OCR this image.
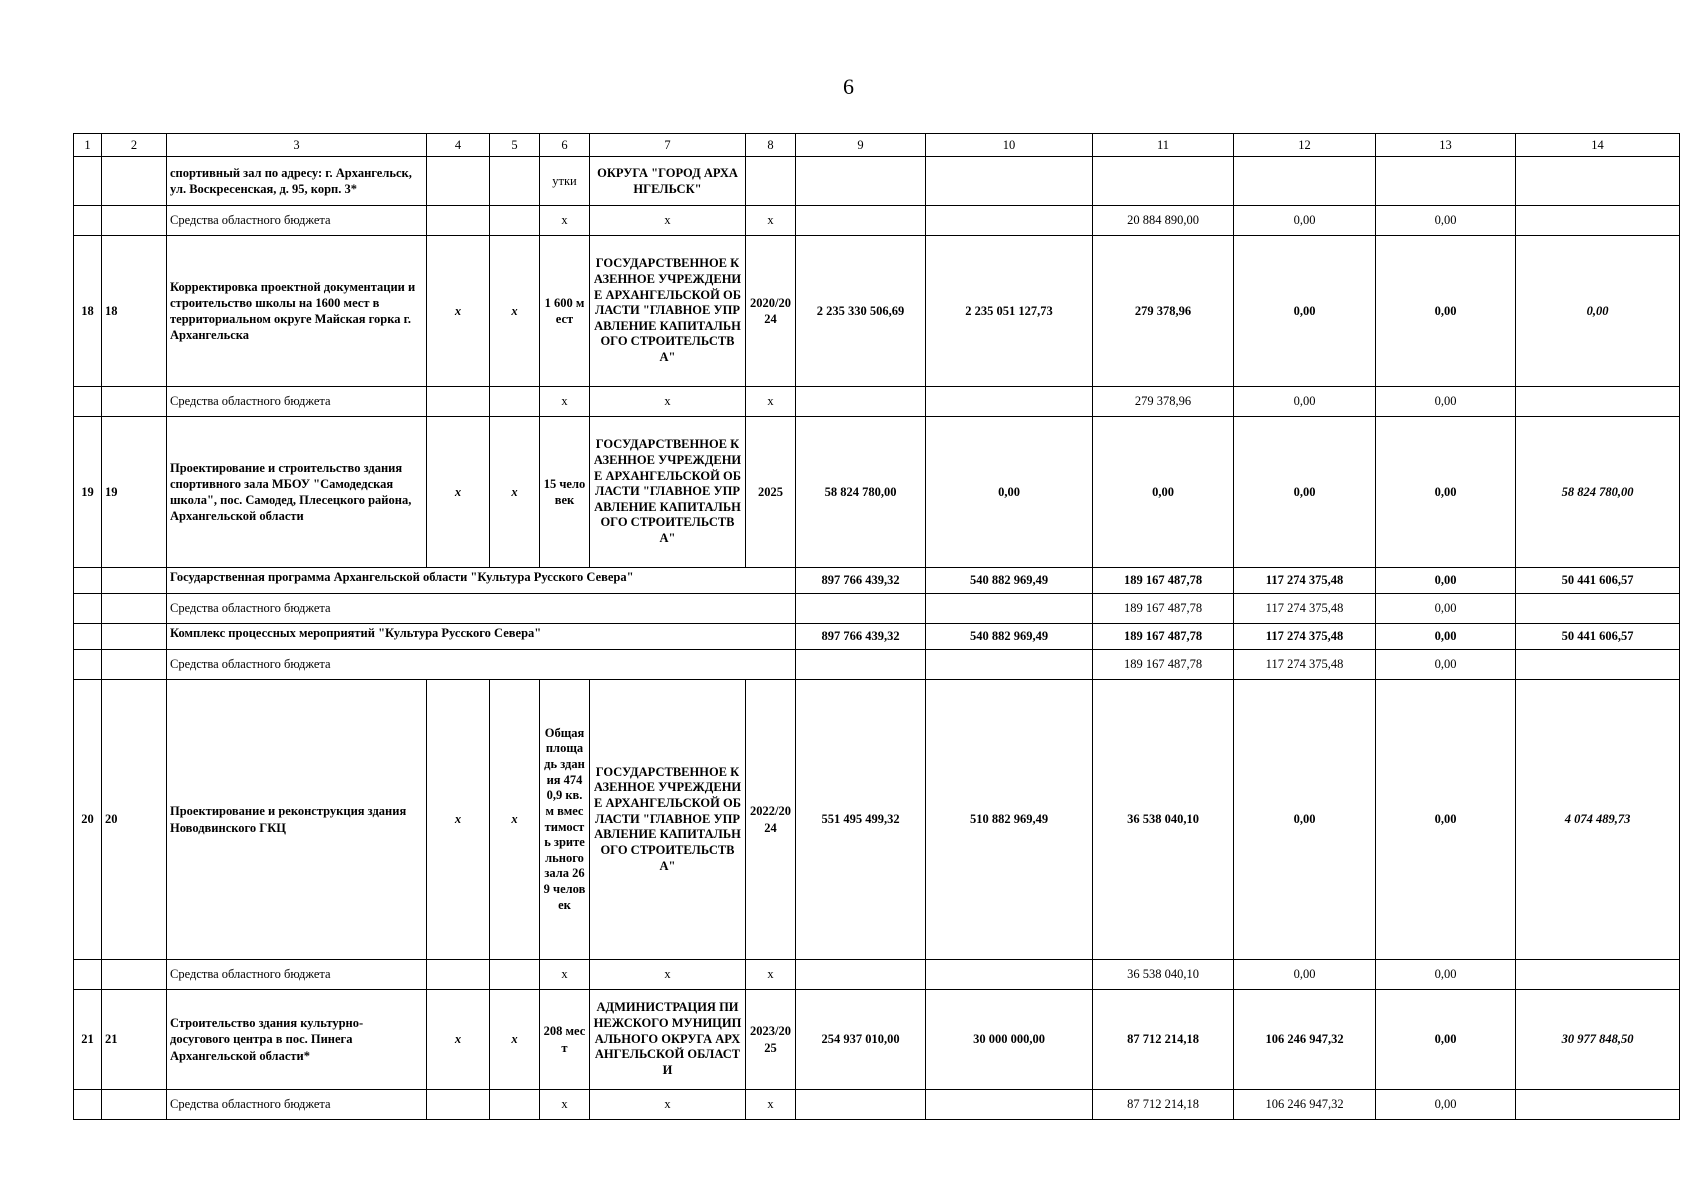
6
1	2	3	4	5	6	7	8	9	10	11	12	13	14
		спортивный зал по адресу: г. Архангельск, ул. Воскресенская, д. 95, корп. 3*			утки	ОКРУГА "ГОРОД АРХАНГЕЛЬСК"							
		Средства областного бюджета			x	x	x			20 884 890,00	0,00	0,00	
18	18	Корректировка проектной документации и строительство школы на 1600 мест в территориальном округе Майская горка г. Архангельска	x	x	1 600 мест	ГОСУДАРСТВЕННОЕ КАЗЕННОЕ УЧРЕЖДЕНИЕ АРХАНГЕЛЬСКОЙ ОБЛАСТИ "ГЛАВНОЕ УПРАВЛЕНИЕ КАПИТАЛЬНОГО СТРОИТЕЛЬСТВА"	2020/2024	2 235 330 506,69	2 235 051 127,73	279 378,96	0,00	0,00	0,00
		Средства областного бюджета			x	x	x			279 378,96	0,00	0,00	
19	19	Проектирование и строительство здания спортивного зала МБОУ "Самодедская школа", пос. Самодед, Плесецкого района, Архангельской области	x	x	15 человек	ГОСУДАРСТВЕННОЕ КАЗЕННОЕ УЧРЕЖДЕНИЕ АРХАНГЕЛЬСКОЙ ОБЛАСТИ "ГЛАВНОЕ УПРАВЛЕНИЕ КАПИТАЛЬНОГО СТРОИТЕЛЬСТВА"	2025	58 824 780,00	0,00	0,00	0,00	0,00	58 824 780,00
		Государственная программа Архангельской области "Культура Русского Севера"						897 766 439,32	540 882 969,49	189 167 487,78	117 274 375,48	0,00	50 441 606,57
		Средства областного бюджета								189 167 487,78	117 274 375,48	0,00	
		Комплекс процессных мероприятий "Культура Русского Севера"						897 766 439,32	540 882 969,49	189 167 487,78	117 274 375,48	0,00	50 441 606,57
		Средства областного бюджета								189 167 487,78	117 274 375,48	0,00	
20	20	Проектирование и реконструкция здания Новодвинского ГКЦ	x	x	Общая площадь здания 4740,9 кв. м вместимость зрительного зала 269 человек	ГОСУДАРСТВЕННОЕ КАЗЕННОЕ УЧРЕЖДЕНИЕ АРХАНГЕЛЬСКОЙ ОБЛАСТИ "ГЛАВНОЕ УПРАВЛЕНИЕ КАПИТАЛЬНОГО СТРОИТЕЛЬСТВА"	2022/2024	551 495 499,32	510 882 969,49	36 538 040,10	0,00	0,00	4 074 489,73
		Средства областного бюджета			x	x	x			36 538 040,10	0,00	0,00	
21	21	Строительство здания культурно-досугового центра в пос. Пинега Архангельской области*	x	x	208 мест	АДМИНИСТРАЦИЯ ПИНЕЖСКОГО МУНИЦИПАЛЬНОГО ОКРУГА АРХАНГЕЛЬСКОЙ ОБЛАСТИ	2023/2025	254 937 010,00	30 000 000,00	87 712 214,18	106 246 947,32	0,00	30 977 848,50
		Средства областного бюджета			x	x	x			87 712 214,18	106 246 947,32	0,00	
